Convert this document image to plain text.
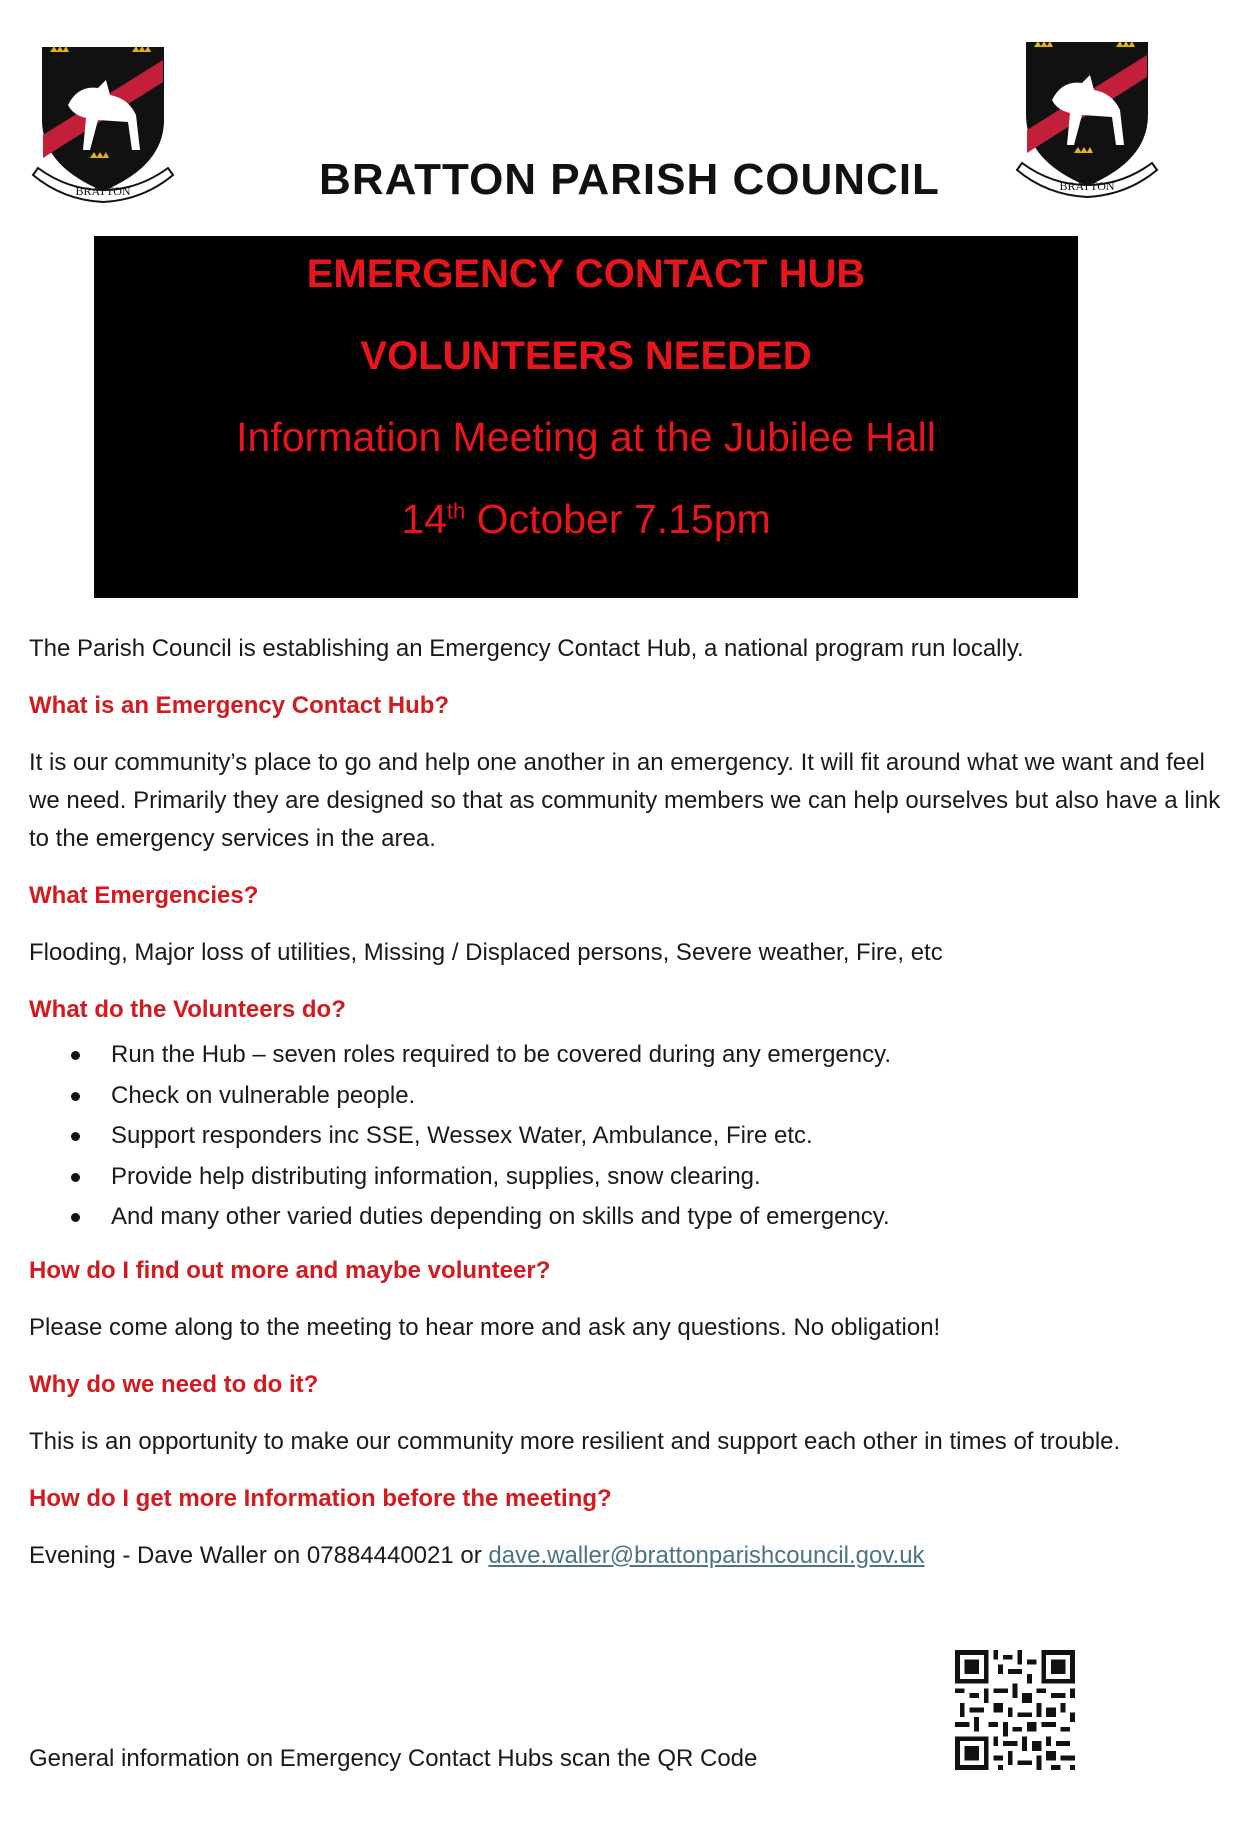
BRATTON	BRATTON
BRATTON PARISH COUNCIL
EMERGENCY CONTACT HUB
VOLUNTEERS NEEDED
Information Meeting at the Jubilee Hall
14th October 7.15pm
The Parish Council is establishing an Emergency Contact Hub, a national program run locally.
What is an Emergency Contact Hub?
It is our community’s place to go and help one another in an emergency. It will fit around what we want and feel we need. Primarily they are designed so that as community members we can help ourselves but also have a link to the emergency services in the area.
What Emergencies?
Flooding, Major loss of utilities, Missing / Displaced persons, Severe weather, Fire, etc
What do the Volunteers do?
Run the Hub – seven roles required to be covered during any emergency.
Check on vulnerable people.
Support responders inc SSE, Wessex Water, Ambulance, Fire etc.
Provide help distributing information, supplies, snow clearing.
And many other varied duties depending on skills and type of emergency.
How do I find out more and maybe volunteer?
Please come along to the meeting to hear more and ask any questions. No obligation!
Why do we need to do it?
This is an opportunity to make our community more resilient and support each other in times of trouble.
How do I get more Information before the meeting?
Evening - Dave Waller on 07884440021 or dave.waller@brattonparishcouncil.gov.uk
General information on Emergency Contact Hubs scan the QR Code
